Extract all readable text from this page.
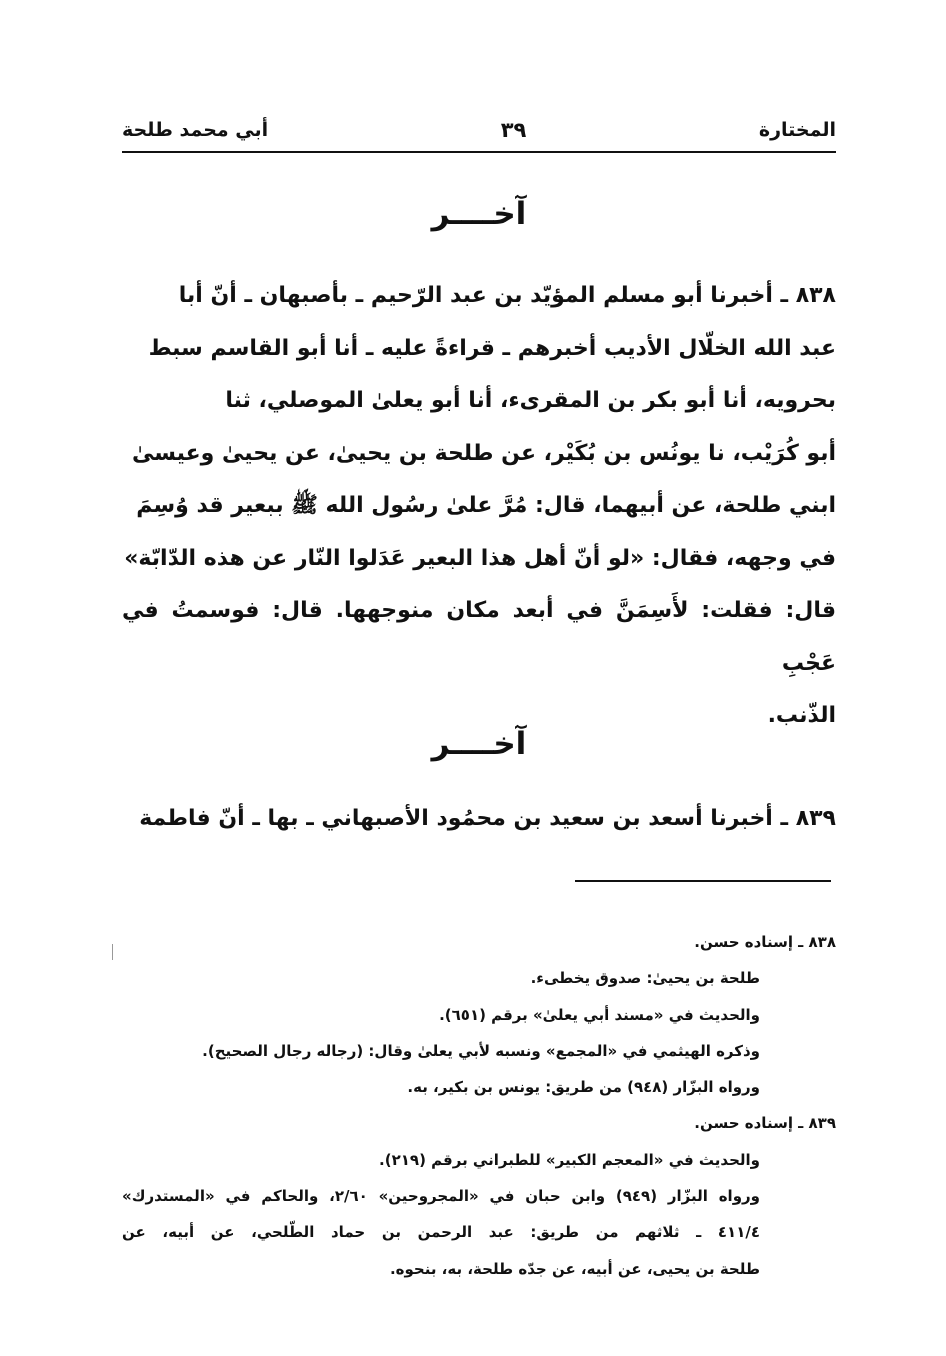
المختارة
٣٩
أبي محمد طلحة
آخــــر
٨٣٨ ـ أخبرنا أبو مسلم المؤيّد بن عبد الرّحيم ـ بأصبهان ـ أنّ أبا
عبد الله الخلّال الأديب أخبرهم ـ قراءةً عليه ـ أنا أبو القاسم سبط
بحرويه، أنا أبو بكر بن المقرىء، أنا أبو يعلىٰ الموصلي، ثنا
أبو كُرَيْب، نا يونُس بن بُكَيْر، عن طلحة بن يحيىٰ، عن يحيىٰ وعيسىٰ
ابني طلحة، عن أبيهما، قال: مُرَّ علىٰ رسُول الله ﷺ ببعير قد وُسِمَ
في وجهه، فقال: «لو أنّ أهل هذا البعير عَدَلوا النّار عن هذه الدّابّة»
قال: فقلت: لأَسِمَنَّ في أبعد مكان منوجهها. قال: فوسمتُ في عَجْبِ
الذّنب.
آخــــر
٨٣٩ ـ أخبرنا أسعد بن سعيد بن محمُود الأصبهاني ـ بها ـ أنّ فاطمة
٨٣٨ ـ إسناده حسن.
طلحة بن يحيىٰ: صدوق يخطىء.
والحديث في «مسند أبي يعلىٰ» برقم (٦٥١).
وذكره الهيثمي في «المجمع» ونسبه لأبي يعلىٰ وقال: (رجاله رجال الصحيح).
ورواه البزّار (٩٤٨) من طريق: يونس بن بكير، به.
٨٣٩ ـ إسناده حسن.
والحديث في «المعجم الكبير» للطبراني برقم (٢١٩).
ورواه البزّار (٩٤٩) وابن حبان في «المجروحين» ٢/٦٠، والحاكم في «المستدرك»
٤١١/٤ ـ ثلاثهم من طريق: عبد الرحمن بن حماد الطّلحي، عن أبيه، عن
طلحة بن يحيى، عن أبيه، عن جدّه طلحة، به، بنحوه.
